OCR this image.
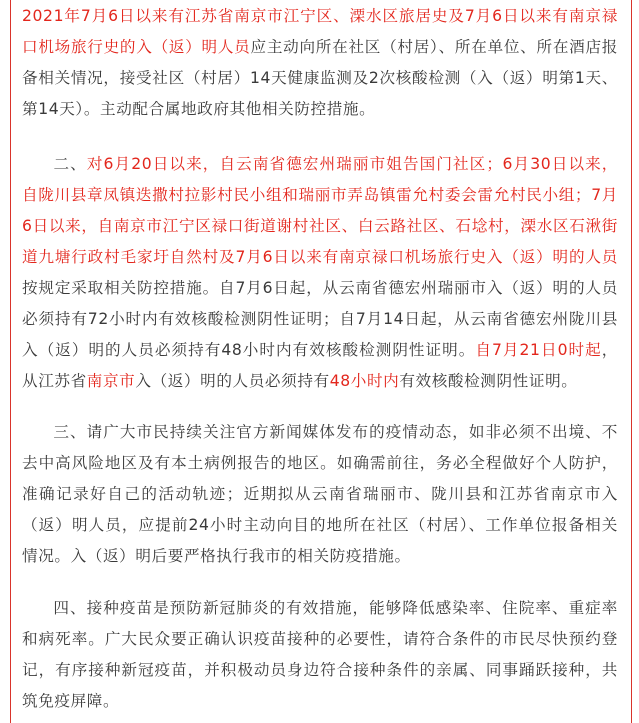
2021年7月6日以来有江苏省南京市江宁区、溧水区旅居史及7月6日以来有南京禄口机场旅行史的入（返）明人员应主动向所在社区（村居）、所在单位、所在酒店报备相关情况，接受社区（村居）14天健康监测及2次核酸检测（入（返）明第1天、第14天）。主动配合属地政府其他相关防控措施。

二、对6月20日以来，自云南省德宏州瑞丽市姐告国门社区；6月30日以来，自陇川县章凤镇迭撒村拉影村民小组和瑞丽市弄岛镇雷允村委会雷允村民小组；7月6日以来，自南京市江宁区禄口街道谢村社区、白云路社区、石埝村，溧水区石湫街道九塘行政村毛家圩自然村及7月6日以来有南京禄口机场旅行史入（返）明的人员按规定采取相关防控措施。自7月6日起，从云南省德宏州瑞丽市入（返）明的人员必须持有72小时内有效核酸检测阴性证明；自7月14日起，从云南省德宏州陇川县入（返）明的人员必须持有48小时内有效核酸检测阴性证明。自7月21日0时起，从江苏省南京市入（返）明的人员必须持有48小时内有效核酸检测阴性证明。

三、请广大市民持续关注官方新闻媒体发布的疫情动态，如非必须不出境、不去中高风险地区及有本土病例报告的地区。如确需前往，务必全程做好个人防护，准确记录好自己的活动轨迹；近期拟从云南省瑞丽市、陇川县和江苏省南京市入（返）明人员，应提前24小时主动向目的地所在社区（村居）、工作单位报备相关情况。入（返）明后要严格执行我市的相关防疫措施。

四、接种疫苗是预防新冠肺炎的有效措施，能够降低感染率、住院率、重症率和病死率。广大民众要正确认识疫苗接种的必要性，请符合条件的市民尽快预约登记，有序接种新冠疫苗，并积极动员身边符合接种条件的亲属、同事踊跃接种，共筑免疫屏障。
